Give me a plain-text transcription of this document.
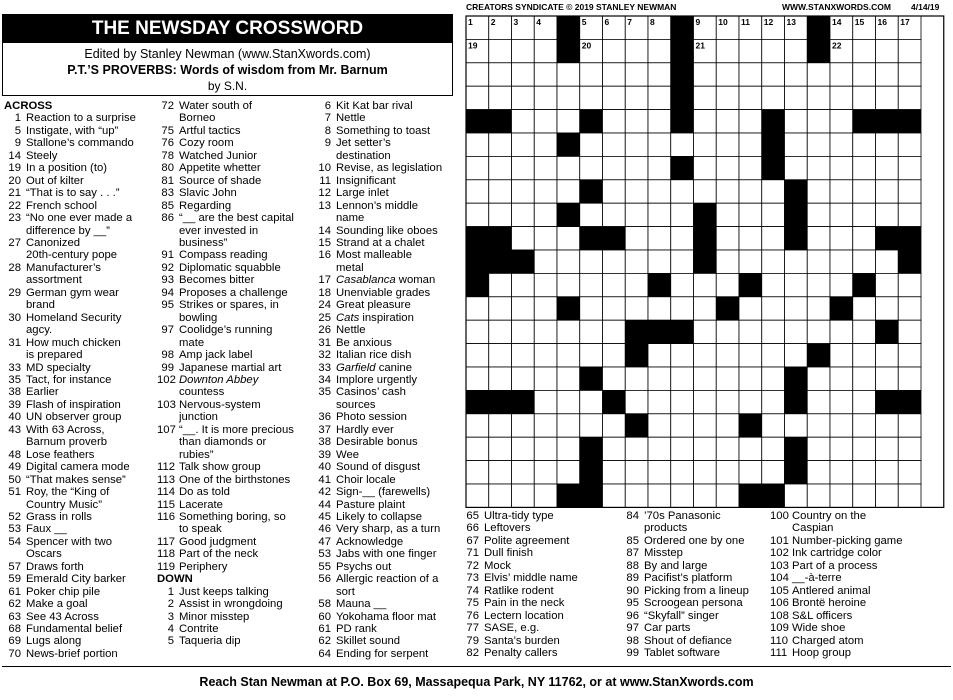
THE NEWSDAY CROSSWORD
Edited by Stanley Newman (www.StanXwords.com)
P.T.’S PROVERBS: Words of wisdom from Mr. Barnum
by S.N.
CREATORS SYNDICATE © 2019 STANLEY NEWMAN	WWW.STANXWORDS.COM 4/14/19
1 2 3 4	5 6 7 8	9 10 11 12 13	14 15 16 17
19	20	21	22
ACROSS
1 Reaction to a surprise
5 Instigate, with “up”
9 Stallone’s commando
14 Steely
19 In a position (to)
20 Out of kilter
21 “That is to say . . .”
22 French school
23 “No one ever made a
difference by __”
27 Canonized
20th-century pope
28 Manufacturer’s
assortment
29 German gym wear
brand
30 Homeland Security
agcy.
31 How much chicken
is prepared
33 MD specialty
35 Tact, for instance
38 Earlier
39 Flash of inspiration
40 UN observer group
43 With 63 Across,
Barnum proverb
48 Lose feathers
49 Digital camera mode
50 “That makes sense”
51 Roy, the “King of
Country Music”
52 Grass in rolls
53 Faux __
54 Spencer with two
Oscars
57 Draws forth
59 Emerald City barker
61 Poker chip pile
62 Make a goal
63 See 43 Across
68 Fundamental belief
69 Lugs along
70 News-brief portion
72 Water south of
Borneo
75 Artful tactics
76 Cozy room
78 Watched Junior
80 Appetite whetter
81 Source of shade
83 Slavic John
85 Regarding
86 “__ are the best capital
ever invested in
business”
91 Compass reading
92 Diplomatic squabble
93 Becomes bitter
94 Proposes a challenge
95 Strikes or spares, in
bowling
97 Coolidge’s running
mate
98 Amp jack label
99 Japanese martial art
102 Downton Abbey
countess
103 Nervous-system
junction
107 “__. It is more precious
than diamonds or
rubies”
112 Talk show group
113 One of the birthstones
114 Do as told
115 Lacerate
116 Something boring, so
to speak
117 Good judgment
118 Part of the neck
119 Periphery
DOWN
1 Just keeps talking
2 Assist in wrongdoing
3 Minor misstep
4 Contrite
5 Taqueria dip
6 Kit Kat bar rival
7 Nettle
8 Something to toast
9 Jet setter’s
destination
10 Revise, as legislation
11 Insignificant
12 Large inlet
13 Lennon’s middle
name
14 Sounding like oboes
15 Strand at a chalet
16 Most malleable
metal
17 Casablanca woman
18 Unenviable grades
24 Great pleasure
25 Cats inspiration
26 Nettle
31 Be anxious
32 Italian rice dish
33 Garfield canine
34 Implore urgently
35 Casinos’ cash
sources
36 Photo session
37 Hardly ever
38 Desirable bonus
39 Wee
40 Sound of disgust
41 Choir locale
42 Sign-__ (farewells)
44 Pasture plaint
45 Likely to collapse
46 Very sharp, as a turn
47 Acknowledge
53 Jabs with one finger
55 Psychs out
56 Allergic reaction of a
sort
58 Mauna __
60 Yokohama floor mat
61 PD rank
62 Skillet sound
64 Ending for serpent
65 Ultra-tidy type
66 Leftovers
67 Polite agreement
71 Dull finish
72 Mock
73 Elvis’ middle name
74 Ratlike rodent
75 Pain in the neck
76 Lectern location
77 SASE, e.g.
79 Santa’s burden
82 Penalty callers
84 ’70s Panasonic
products
85 Ordered one by one
87 Misstep
88 By and large
89 Pacifist’s platform
90 Picking from a lineup
95 Scroogean persona
96 “Skyfall” singer
97 Car parts
98 Shout of defiance
99 Tablet software
100 Country on the
Caspian
101 Number-picking game
102 Ink cartridge color
103 Part of a process
104 __-à-terre
105 Antlered animal
106 Brontë heroine
108 S&L officers
109 Wide shoe
110 Charged atom
111 Hoop group
Reach Stan Newman at P.O. Box 69, Massapequa Park, NY 11762, or at www.StanXwords.com
